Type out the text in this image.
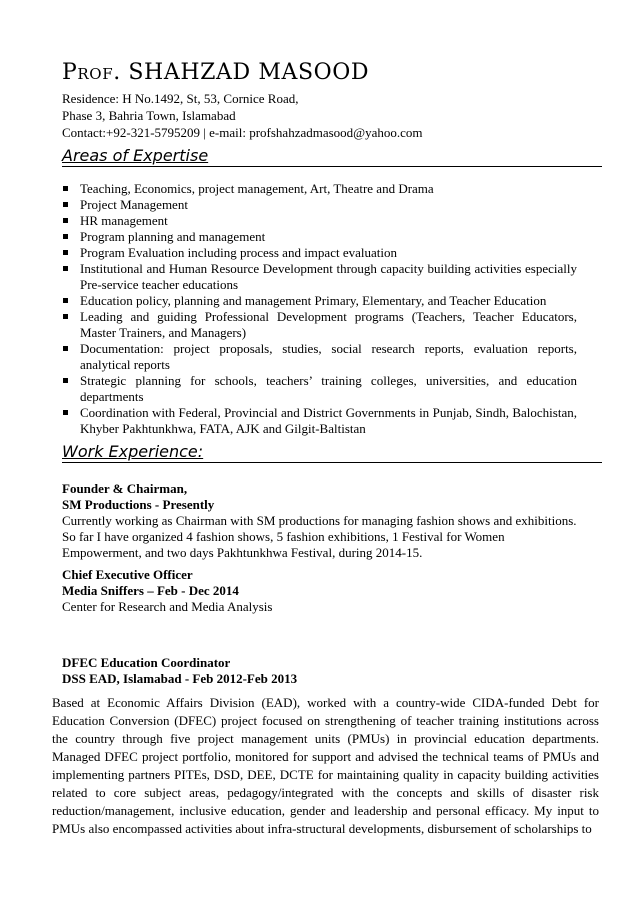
Prof. SHAHZAD MASOOD
Residence: H No.1492, St, 53, Cornice Road,
Phase 3, Bahria Town, Islamabad
Contact:+92-321-5795209 | e-mail: profshahzadmasood@yahoo.com
Areas of Expertise
Teaching, Economics, project management, Art, Theatre and Drama
Project Management
HR management
Program planning and management
Program Evaluation including process and impact evaluation
Institutional and Human Resource Development through capacity building activities especially Pre-service teacher educations
Education policy, planning and management Primary, Elementary, and Teacher Education
Leading and guiding Professional Development programs (Teachers, Teacher Educators, Master Trainers, and Managers)
Documentation: project proposals, studies, social research reports, evaluation reports, analytical reports
Strategic planning for schools, teachers’ training colleges, universities, and education departments
Coordination with Federal, Provincial and District Governments in Punjab, Sindh, Balochistan, Khyber Pakhtunkhwa, FATA, AJK and Gilgit-Baltistan
Work Experience:
Founder & Chairman,
SM Productions - Presently
Currently working as Chairman with SM productions for managing fashion shows and exhibitions.
So far I have organized 4 fashion shows, 5 fashion exhibitions, 1 Festival for Women
Empowerment, and two days Pakhtunkhwa Festival, during 2014-15.
Chief Executive Officer
Media Sniffers – Feb - Dec 2014
Center for Research and Media Analysis
DFEC Education Coordinator
DSS EAD, Islamabad - Feb 2012-Feb 2013
Based at Economic Affairs Division (EAD), worked with a country-wide CIDA-funded Debt for Education Conversion (DFEC) project focused on strengthening of teacher training institutions across the country through five project management units (PMUs) in provincial education departments. Managed DFEC project portfolio, monitored for support and advised the technical teams of PMUs and implementing partners PITEs, DSD, DEE, DCTE for maintaining quality in capacity building activities related to core subject areas, pedagogy/integrated with the concepts and skills of disaster risk reduction/management, inclusive education, gender and leadership and personal efficacy. My input to PMUs also encompassed activities about infra-structural developments, disbursement of scholarships to
